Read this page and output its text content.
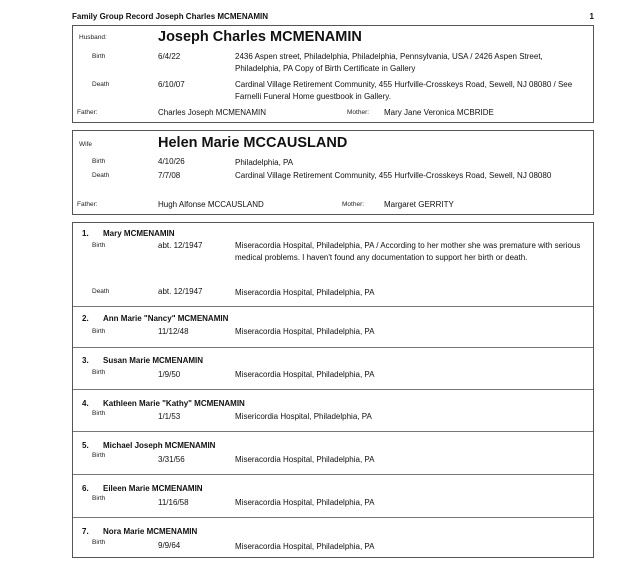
Family Group Record Joseph Charles MCMENAMIN	1
Husband:	Joseph Charles MCMENAMIN
Birth	6/4/22	2436 Aspen street, Philadelphia, Philadelphia, Pennsylvania, USA / 2426 Aspen Street, Philadelphia, PA Copy of Birth Certificate in Gallery
Death	6/10/07	Cardinal Village Retirement Community, 455 Hurfville-Crosskeys Road, Sewell, NJ 08080 / See Farnelli Funeral Home guestbook in Gallery.
Father:	Charles Joseph MCMENAMIN	Mother: Mary Jane Veronica MCBRIDE
Wife	Helen Marie MCCAUSLAND
Birth	4/10/26	Philadelphia, PA
Death	7/7/08	Cardinal Village Retirement Community, 455 Hurfville-Crosskeys Road, Sewell, NJ 08080
Father:	Hugh Alfonse MCCAUSLAND	Mother: Margaret GERRITY
1. Mary MCMENAMIN
Birth	abt. 12/1947	Miseracordia Hospital, Philadelphia, PA / According to her mother she was premature with serious medical problems. I haven't found any documentation to support her birth or death.
Death	abt. 12/1947	Miseracordia Hospital, Philadelphia, PA
2. Ann Marie "Nancy" MCMENAMIN
Birth	11/12/48	Miseracordia Hospital, Philadelphia, PA
3. Susan Marie MCMENAMIN
Birth	1/9/50	Miseracordia Hospital, Philadelphia, PA
4. Kathleen Marie "Kathy" MCMENAMIN
Birth	1/1/53	Misericordia Hospital, Philadelphia, PA
5. Michael Joseph MCMENAMIN
Birth	3/31/56	Miseracordia Hospital, Philadelphia, PA
6. Eileen Marie MCMENAMIN
Birth	11/16/58	Miseracordia Hospital, Philadelphia, PA
7. Nora Marie MCMENAMIN
Birth	9/9/64	Miseracordia Hospital, Philadelphia, PA
